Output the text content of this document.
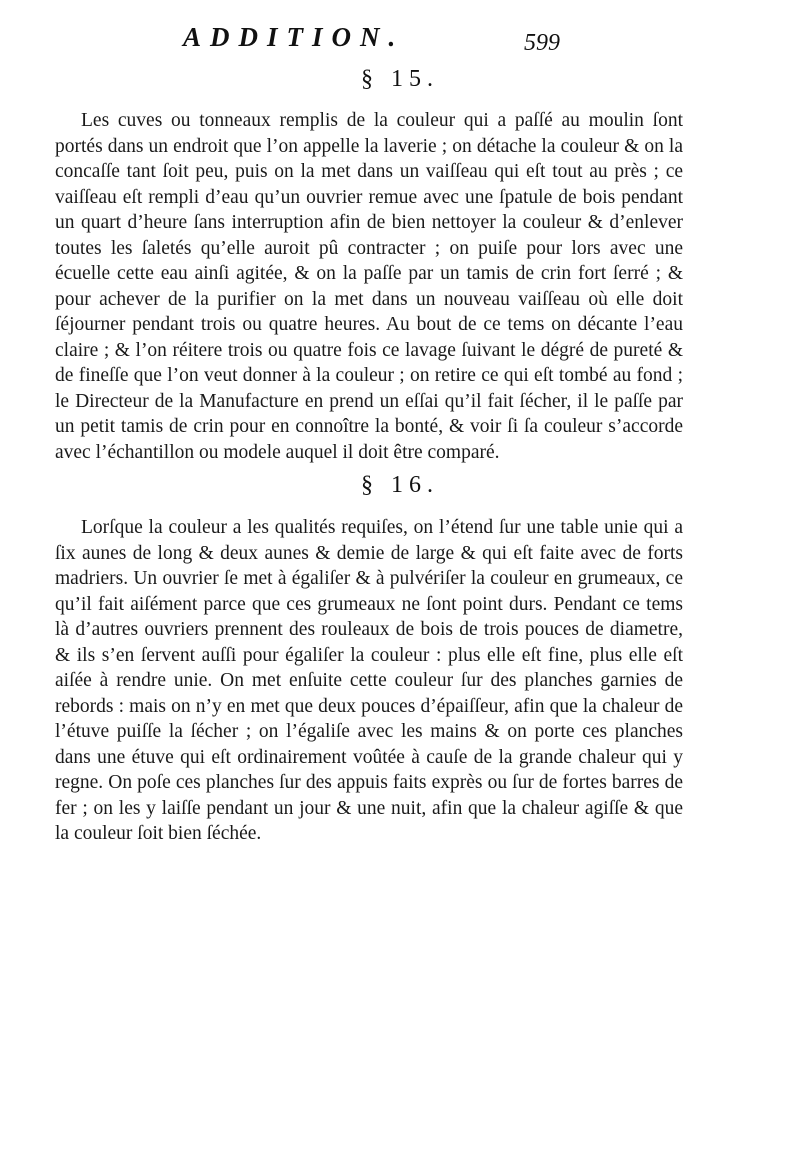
ADDITION.	599
§ 15.

Les cuves ou tonneaux remplis de la couleur qui a paſſé au moulin ſont portés dans un endroit que l’on appelle la laverie ; on détache la couleur & on la concaſſe tant ſoit peu, puis on la met dans un vaiſſeau qui eſt tout au près ; ce vaiſſeau eſt rempli d’eau qu’un ouvrier remue avec une ſpatule de bois pendant un quart d’heure ſans interruption afin de bien nettoyer la couleur & d’enlever toutes les ſaletés qu’elle auroit pû contracter ; on puiſe pour lors avec une écuelle cette eau ainſi agitée, & on la paſſe par un tamis de crin fort ſerré ; & pour achever de la purifier on la met dans un nouveau vaiſſeau où elle doit ſéjourner pendant trois ou quatre heures. Au bout de ce tems on décante l’eau claire ; & l’on réitere trois ou quatre fois ce lavage ſuivant le dégré de pureté & de fineſſe que l’on veut donner à la couleur ; on retire ce qui eſt tombé au fond ; le Directeur de la Manufacture en prend un eſſai qu’il fait ſécher, il le paſſe par un petit tamis de crin pour en connoître la bonté, & voir ſi ſa couleur s’accorde avec l’échantillon ou modele auquel il doit être comparé.

§ 16.

Lorſque la couleur a les qualités requiſes, on l’étend ſur une table unie qui a ſix aunes de long & deux aunes & demie de large & qui eſt faite avec de forts madriers. Un ouvrier ſe met à égaliſer & à pulvériſer la couleur en grumeaux, ce qu’il fait aiſément parce que ces grumeaux ne ſont point durs. Pendant ce tems là d’autres ouvriers prennent des rouleaux de bois de trois pouces de diametre, & ils s’en ſervent auſſi pour égaliſer la couleur : plus elle eſt fine, plus elle eſt aiſée à rendre unie. On met enſuite cette couleur ſur des planches garnies de rebords : mais on n’y en met que deux pouces d’épaiſſeur, afin que la chaleur de l’étuve puiſſe la ſécher ; on l’égaliſe avec les mains & on porte ces planches dans une étuve qui eſt ordinairement voûtée à cauſe de la grande chaleur qui y regne. On poſe ces planches ſur des appuis faits exprès ou ſur de fortes barres de fer ; on les y laiſſe pendant un jour & une nuit, afin que la chaleur agiſſe & que la couleur ſoit bien ſéchée.
